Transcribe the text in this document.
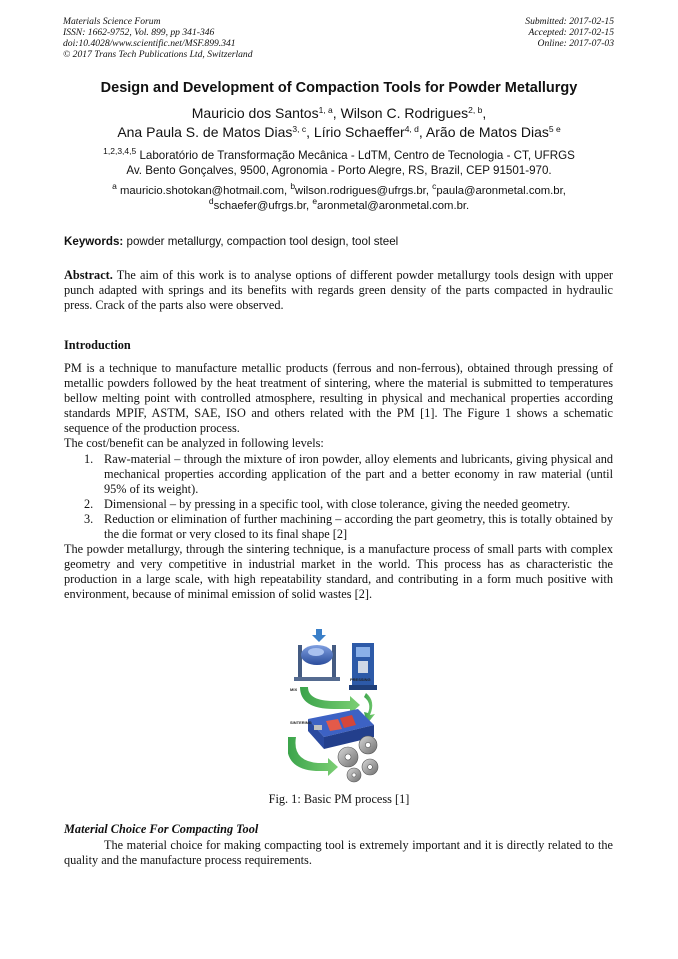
Materials Science Forum
ISSN: 1662-9752, Vol. 899, pp 341-346
doi:10.4028/www.scientific.net/MSF.899.341
© 2017 Trans Tech Publications Ltd, Switzerland
Submitted: 2017-02-15
Accepted: 2017-02-15
Online: 2017-07-03
Design and Development of Compaction Tools for Powder Metallurgy
Mauricio dos Santos$^{1, a}$, Wilson C. Rodrigues$^{2, b}$,
Ana Paula S. de Matos Dias$^{3, c}$, Lírio Schaeffer$^{4, d}$, Arão de Matos Dias$^{5 e}$
$^{1,2,3,4,5}$ Laboratório de Transformação Mecânica - LdTM, Centro de Tecnologia - CT, UFRGS
Av. Bento Gonçalves, 9500, Agronomia - Porto Alegre, RS, Brazil, CEP 91501-970.
$^a$ mauricio.shotokan@hotmail.com, $^b$wilson.rodrigues@ufrgs.br, $^c$paula@aronmetal.com.br,
$^d$schaefer@ufrgs.br, $^e$aronmetal@aronmetal.com.br.
Keywords: powder metallurgy, compaction tool design, tool steel
Abstract. The aim of this work is to analyse options of different powder metallurgy tools design with upper punch adapted with springs and its benefits with regards green density of the parts compacted in hydraulic press. Crack of the parts also were observed.
Introduction

PM is a technique to manufacture metallic products (ferrous and non-ferrous), obtained through pressing of metallic powders followed by the heat treatment of sintering, where the material is submitted to temperatures bellow melting point with controlled atmosphere, resulting in physical and mechanical properties according standards MPIF, ASTM, SAE, ISO and others related with the PM [1]. The Figure 1 shows a schematic sequence of the production process.

The cost/benefit can be analyzed in following levels:

1. Raw-material – through the mixture of iron powder, alloy elements and lubricants, giving physical and mechanical properties according application of the part and a better economy in raw material (until 95% of its weight).
2. Dimensional – by pressing in a specific tool, with close tolerance, giving the needed geometry.
3. Reduction or elimination of further machining – according the part geometry, this is totally obtained by the die format or very closed to its final shape [2]

The powder metallurgy, through the sintering technique, is a manufacture process of small parts with complex geometry and very competitive in industrial market in the world. This process has as characteristic the production in a large scale, with high repeatability standard, and contributing in a form much positive with environment, because of minimal emission of solid wastes [2].

MIX
PRESSING
SINTERING
Fig. 1: Basic PM process [1]
Material Choice For Compacting Tool
The material choice for making compacting tool is extremely important and it is directly related to the quality and the manufacture process requirements.
